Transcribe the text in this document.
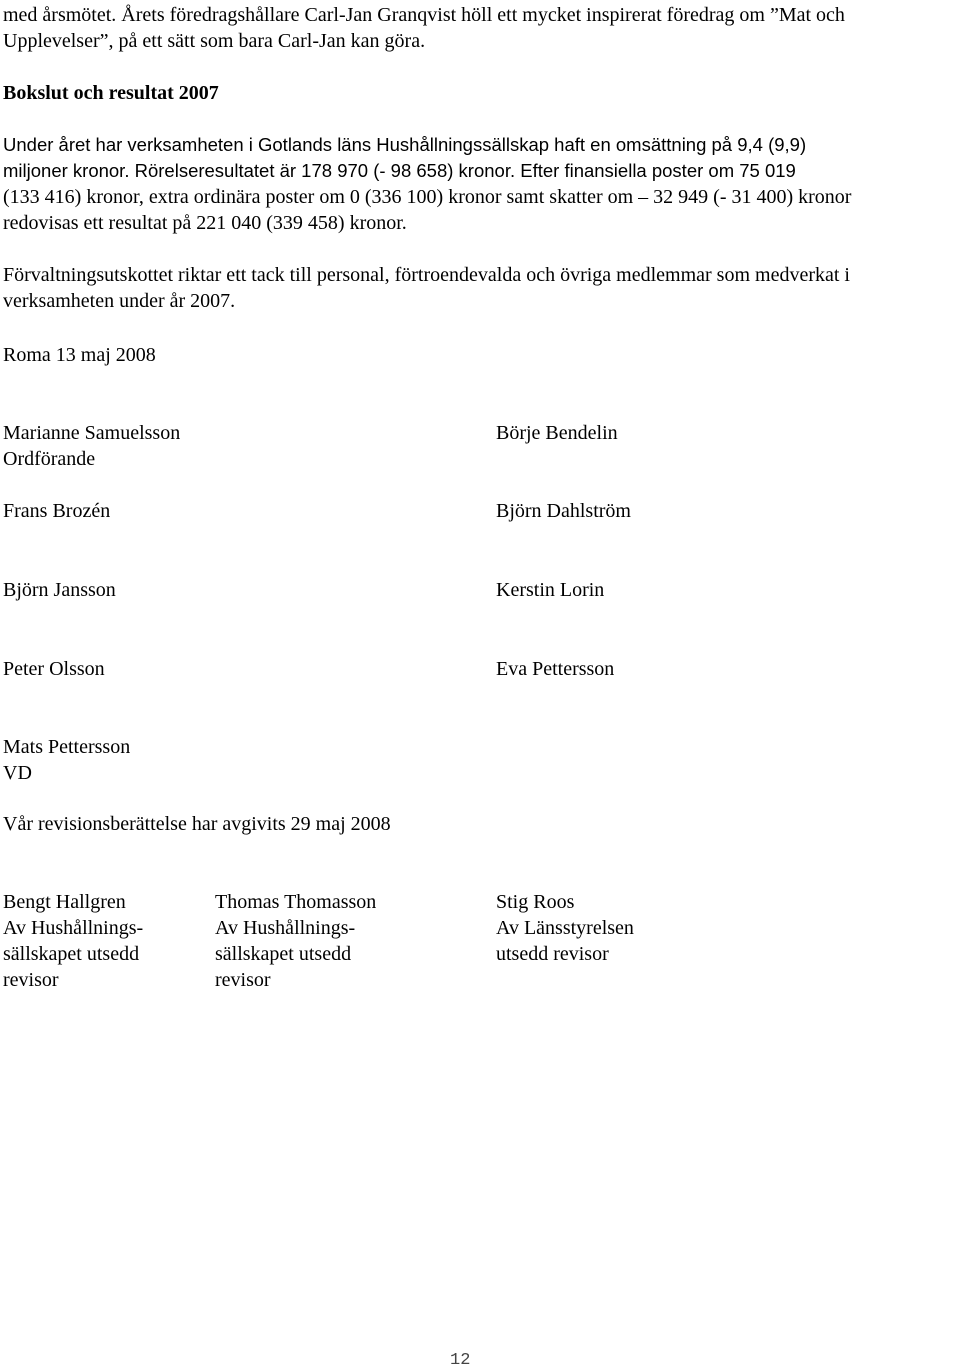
med årsmötet. Årets föredragshållare Carl-Jan Granqvist höll ett mycket inspirerat föredrag om ”Mat och
Upplevelser”, på ett sätt som bara Carl-Jan kan göra.
Bokslut och resultat 2007
Under året har verksamheten i Gotlands läns Hushållningssällskap haft en omsättning på 9,4 (9,9)
miljoner kronor. Rörelseresultatet är 178 970 (- 98 658) kronor. Efter finansiella poster om 75 019
(133 416) kronor, extra ordinära poster om 0 (336 100) kronor samt skatter om – 32 949 (- 31 400) kronor
redovisas ett resultat på 221 040 (339 458) kronor.
Förvaltningsutskottet riktar ett tack till personal, förtroendevalda och övriga medlemmar som medverkat i
verksamheten under år 2007.
Roma 13 maj 2008
Marianne Samuelsson
Ordförande
Frans Brozén
Björn Jansson
Peter Olsson
Mats Pettersson
VD
Börje Bendelin
Björn Dahlström
Kerstin Lorin
Eva Pettersson
Vår revisionsberättelse har avgivits 29 maj 2008
Bengt Hallgren
Av Hushållnings-
sällskapet utsedd
revisor
Thomas Thomasson
Av Hushållnings-
sällskapet utsedd
revisor
Stig Roos
Av Länsstyrelsen
utsedd revisor
12
